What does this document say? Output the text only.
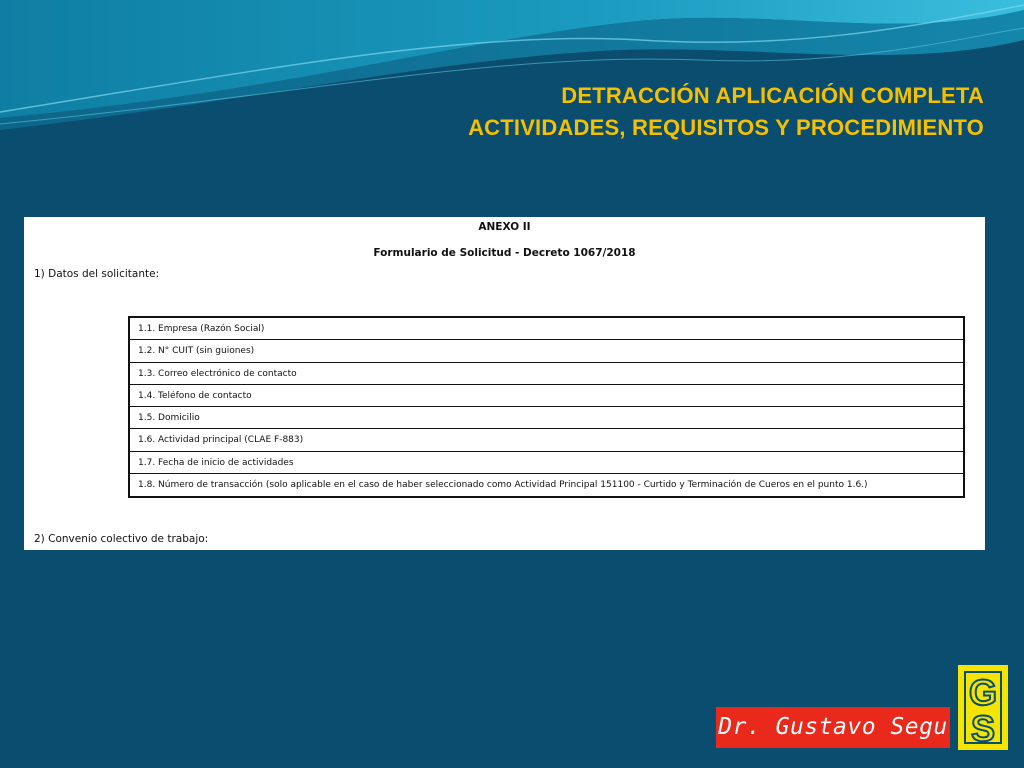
DETRACCIÓN APLICACIÓN COMPLETA
ACTIVIDADES, REQUISITOS Y PROCEDIMIENTO
ANEXO II
Formulario de Solicitud - Decreto 1067/2018
1) Datos del solicitante:
1.1. Empresa (Razón Social)
1.2. N° CUIT (sin guiones)
1.3. Correo electrónico de contacto
1.4. Teléfono de contacto
1.5. Domicilio
1.6. Actividad principal (CLAE F-883)
1.7. Fecha de inicio de actividades
1.8. Número de transacción (solo aplicable en el caso de haber seleccionado como Actividad Principal 151100 - Curtido y Terminación de Cueros en el punto 1.6.)
2) Convenio colectivo de trabajo:
Dr. Gustavo Segu
G
S
